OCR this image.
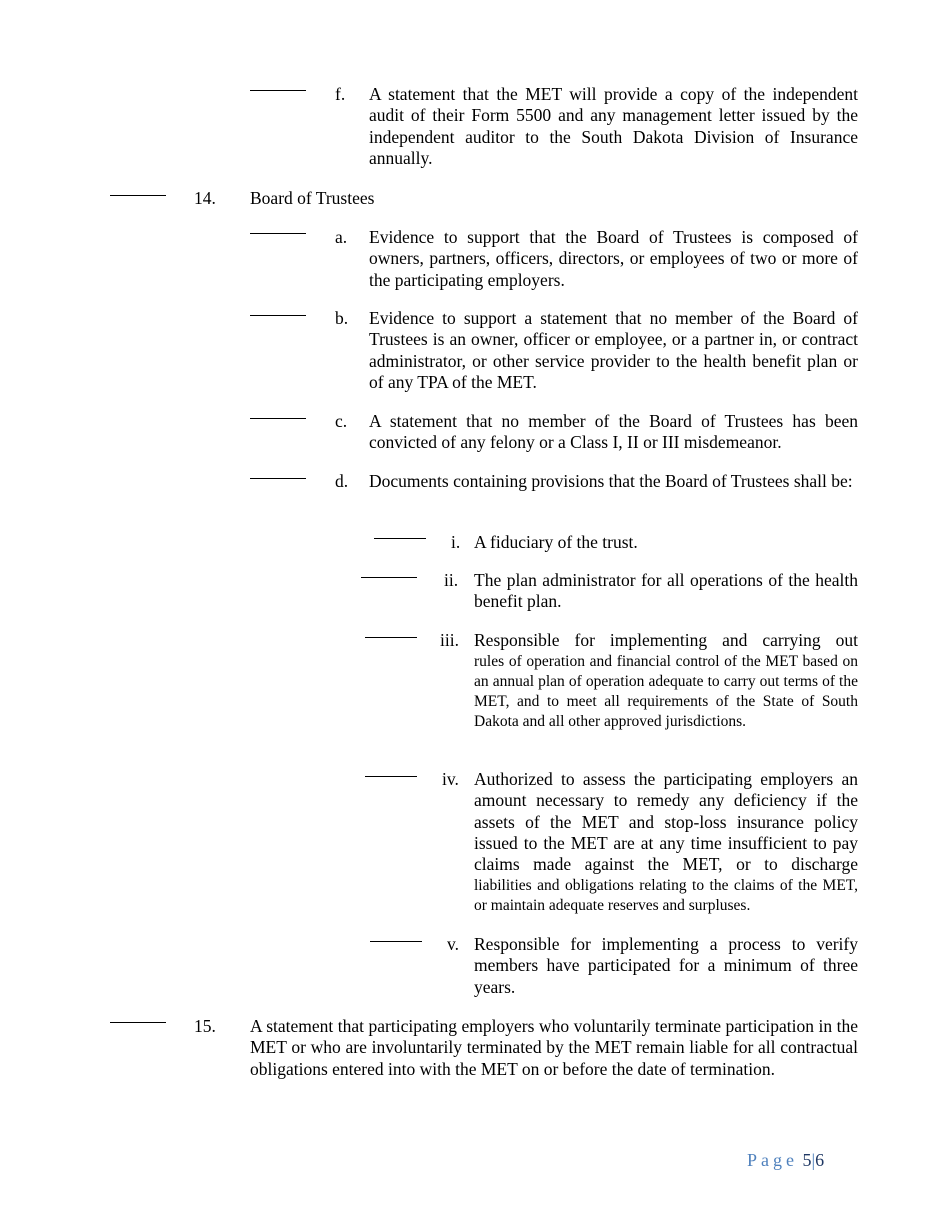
f. A statement that the MET will provide a copy of the independent audit of their Form 5500 and any management letter issued by the independent auditor to the South Dakota Division of Insurance annually.
14. Board of Trustees
a. Evidence to support that the Board of Trustees is composed of owners, partners, officers, directors, or employees of two or more of the participating employers.
b. Evidence to support a statement that no member of the Board of Trustees is an owner, officer or employee, or a partner in, or contract administrator, or other service provider to the health benefit plan or of any TPA of the MET.
c. A statement that no member of the Board of Trustees has been convicted of any felony or a Class I, II or III misdemeanor.
d. Documents containing provisions that the Board of Trustees shall be:
i. A fiduciary of the trust.
ii. The plan administrator for all operations of the health benefit plan.
iii. Responsible for implementing and carrying out
rules of operation and financial control of the MET based on an annual plan of operation adequate to carry out terms of the MET, and to meet all requirements of the State of South Dakota and all other approved jurisdictions.
iv. Authorized to assess the participating employers an amount necessary to remedy any deficiency if the assets of the MET and stop-loss insurance policy issued to the MET are at any time insufficient to pay claims made against the MET, or to discharge
liabilities and obligations relating to the claims of the MET, or maintain adequate reserves and surpluses.
v. Responsible for implementing a process to verify members have participated for a minimum of three years.
15. A statement that participating employers who voluntarily terminate participation in the MET or who are involuntarily terminated by the MET remain liable for all contractual obligations entered into with the MET on or before the date of termination.
Page 5|6
